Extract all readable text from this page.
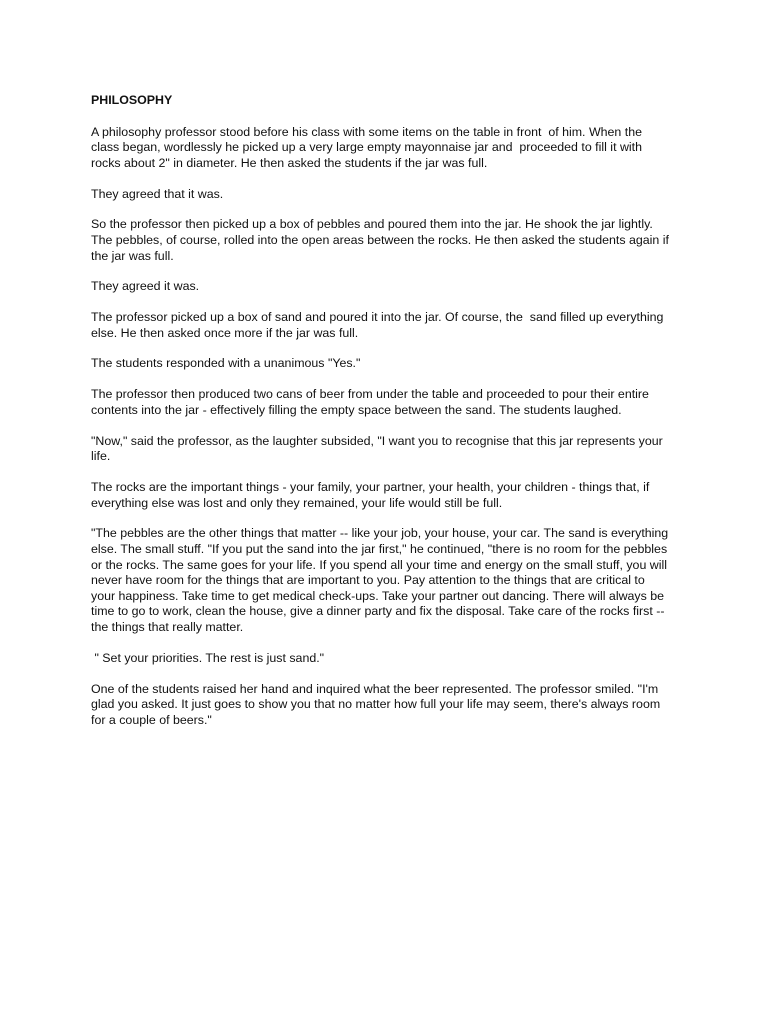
PHILOSOPHY
A philosophy professor stood before his class with some items on the table in front  of him. When the
class began, wordlessly he picked up a very large empty mayonnaise jar and  proceeded to fill it with
rocks about 2" in diameter. He then asked the students if the jar was full.
They agreed that it was.
So the professor then picked up a box of pebbles and poured them into the jar. He shook the jar lightly.
The pebbles, of course, rolled into the open areas between the rocks. He then asked the students again if
the jar was full.
They agreed it was.
The professor picked up a box of sand and poured it into the jar. Of course, the  sand filled up everything
else. He then asked once more if the jar was full.
The students responded with a unanimous "Yes."
The professor then produced two cans of beer from under the table and proceeded to pour their entire
contents into the jar - effectively filling the empty space between the sand. The students laughed.
"Now," said the professor, as the laughter subsided, "I want you to recognise that this jar represents your
life.
The rocks are the important things - your family, your partner, your health, your children - things that, if
everything else was lost and only they remained, your life would still be full.
"The pebbles are the other things that matter -- like your job, your house, your car. The sand is everything
else. The small stuff. "If you put the sand into the jar first," he continued, "there is no room for the pebbles
or the rocks. The same goes for your life. If you spend all your time and energy on the small stuff, you will
never have room for the things that are important to you. Pay attention to the things that are critical to
your happiness. Take time to get medical check-ups. Take your partner out dancing. There will always be
time to go to work, clean the house, give a dinner party and fix the disposal. Take care of the rocks first --
the things that really matter.
" Set your priorities. The rest is just sand."
One of the students raised her hand and inquired what the beer represented. The professor smiled. "I'm
glad you asked. It just goes to show you that no matter how full your life may seem, there's always room
for a couple of beers."
